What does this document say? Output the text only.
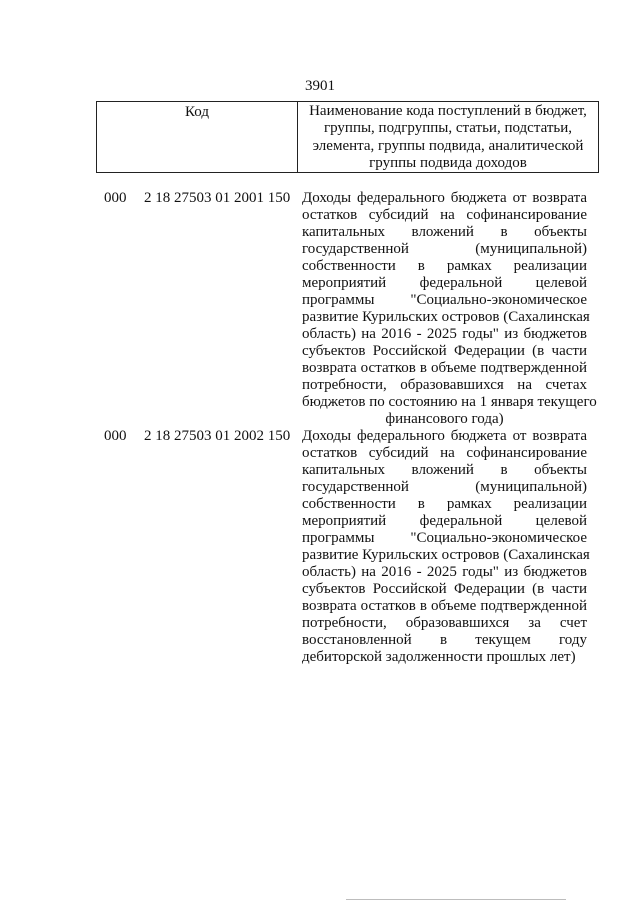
3901
Код	Наименование кода поступлений в бюджет,
группы, подгруппы, статьи, подстатьи,
элемента, группы подвида, аналитической
группы подвида доходов
000 2 18 27503 01 2001 150 Доходы федерального бюджета от возврата
остатков субсидий на софинансирование
капитальных вложений в объекты
государственной (муниципальной)
собственности в рамках реализации
мероприятий федеральной целевой
программы "Социально-экономическое
развитие Курильских островов (Сахалинская
область) на 2016 - 2025 годы" из бюджетов
субъектов Российской Федерации (в части
возврата остатков в объеме подтвержденной
потребности, образовавшихся на счетах
бюджетов по состоянию на 1 января текущего
финансового года)
000 2 18 27503 01 2002 150 Доходы федерального бюджета от возврата
остатков субсидий на софинансирование
капитальных вложений в объекты
государственной (муниципальной)
собственности в рамках реализации
мероприятий федеральной целевой
программы "Социально-экономическое
развитие Курильских островов (Сахалинская
область) на 2016 - 2025 годы" из бюджетов
субъектов Российской Федерации (в части
возврата остатков в объеме подтвержденной
потребности, образовавшихся за счет
восстановленной в текущем году
дебиторской задолженности прошлых лет)
